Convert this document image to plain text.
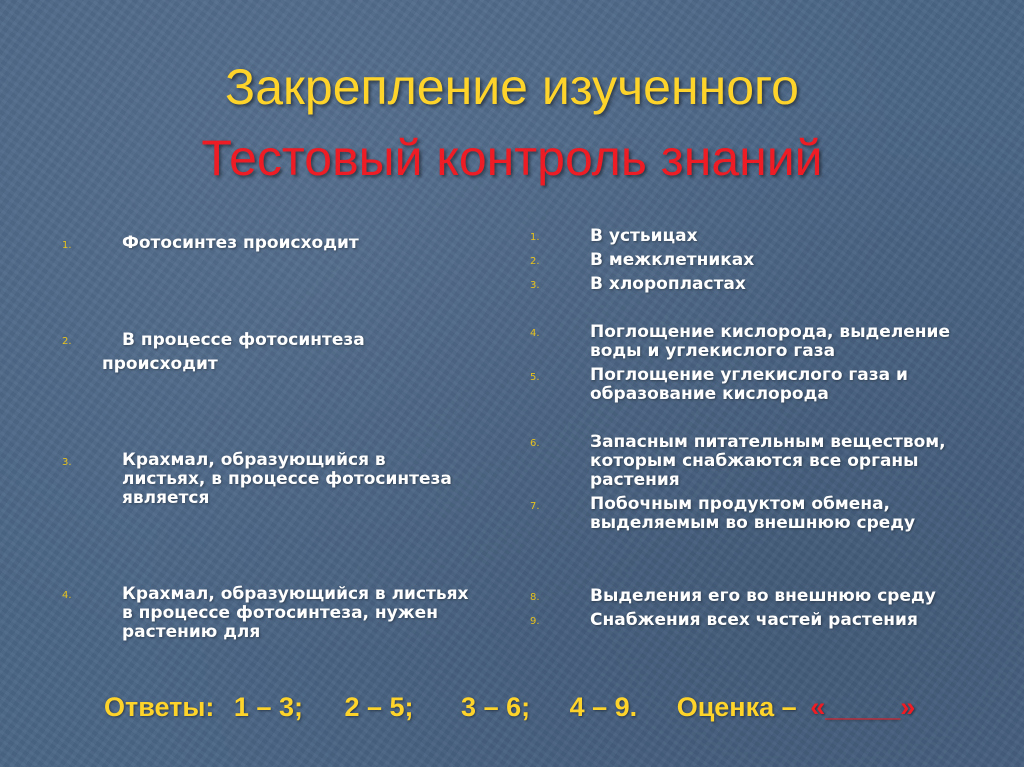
Закрепление изученного
Тестовый контроль знаний
1.	Фотосинтез происходит
2.	В процессе фотосинтеза
происходит
3.	Крахмал, образующийся в
листьях, в процессе фотосинтеза
является
4.	Крахмал, образующийся в листьях
в процессе фотосинтеза, нужен
растению для
1.	В устьицах
2.	В межклетниках
3.	В хлоропластах
4.	Поглощение кислорода, выделение
воды и углекислого газа
5.	Поглощение углекислого газа и
образование кислорода
6.	Запасным питательным веществом,
которым снабжаются все органы
растения
7.	Побочным продуктом обмена,
выделяемым во внешнюю среду
8.	Выделения его во внешнюю среду
9.	Снабжения всех частей растения
Ответы: 1 – 3; 2 – 5; 3 – 6; 4 – 9. Оценка – «_____»
